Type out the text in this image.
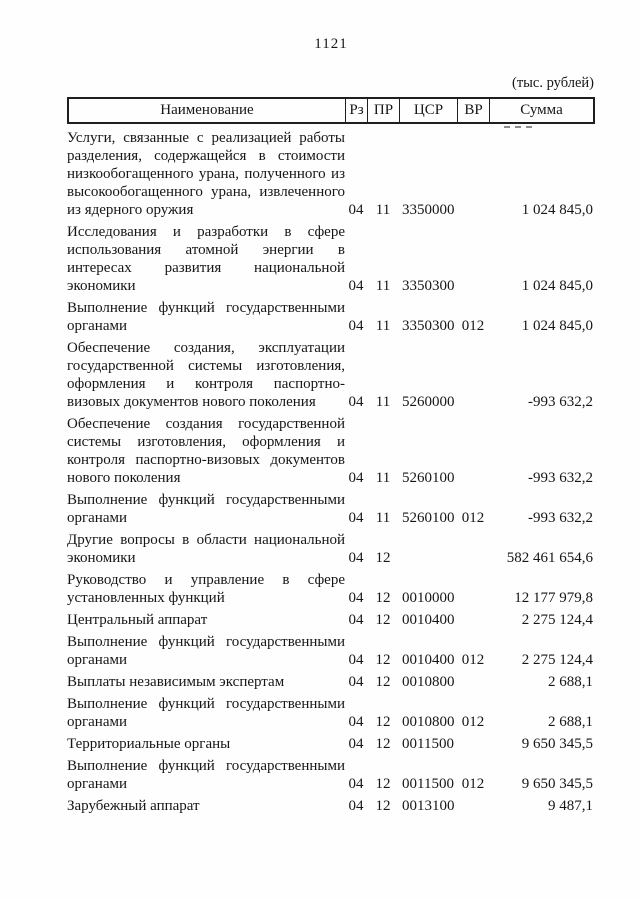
1121
(тыс. рублей)
Наименование	Рз ПР	ЦСР	ВР	Сумма
Услуги, связанные с реализацией работы разделения, содержащейся в стоимости низкообогащенного урана, полученного из высокообогащенного урана, извлеченного из ядерного оружия	04 11 3350000	1 024 845,0
Исследования и разработки в сфере использования атомной энергии в интересах развития национальной экономики	04 11 3350300	1 024 845,0
Выполнение функций государственными органами	04 11 3350300 012	1 024 845,0
Обеспечение создания, эксплуатации государственной системы изготовления, оформления и контроля паспортно-визовых документов нового поколения	04 11 5260000	-993 632,2
Обеспечение создания государственной системы изготовления, оформления и контроля паспортно-визовых документов нового поколения	04 11 5260100	-993 632,2
Выполнение функций государственными органами	04 11 5260100 012	-993 632,2
Другие вопросы в области национальной экономики	04 12	582 461 654,6
Руководство и управление в сфере установленных функций	04 12 0010000	12 177 979,8
Центральный аппарат	04 12 0010400	2 275 124,4
Выполнение функций государственными органами	04 12 0010400 012	2 275 124,4
Выплаты независимым экспертам	04 12 0010800	2 688,1
Выполнение функций государственными органами	04 12 0010800 012	2 688,1
Территориальные органы	04 12 0011500	9 650 345,5
Выполнение функций государственными органами	04 12 0011500 012	9 650 345,5
Зарубежный аппарат	04 12 0013100	9 487,1
